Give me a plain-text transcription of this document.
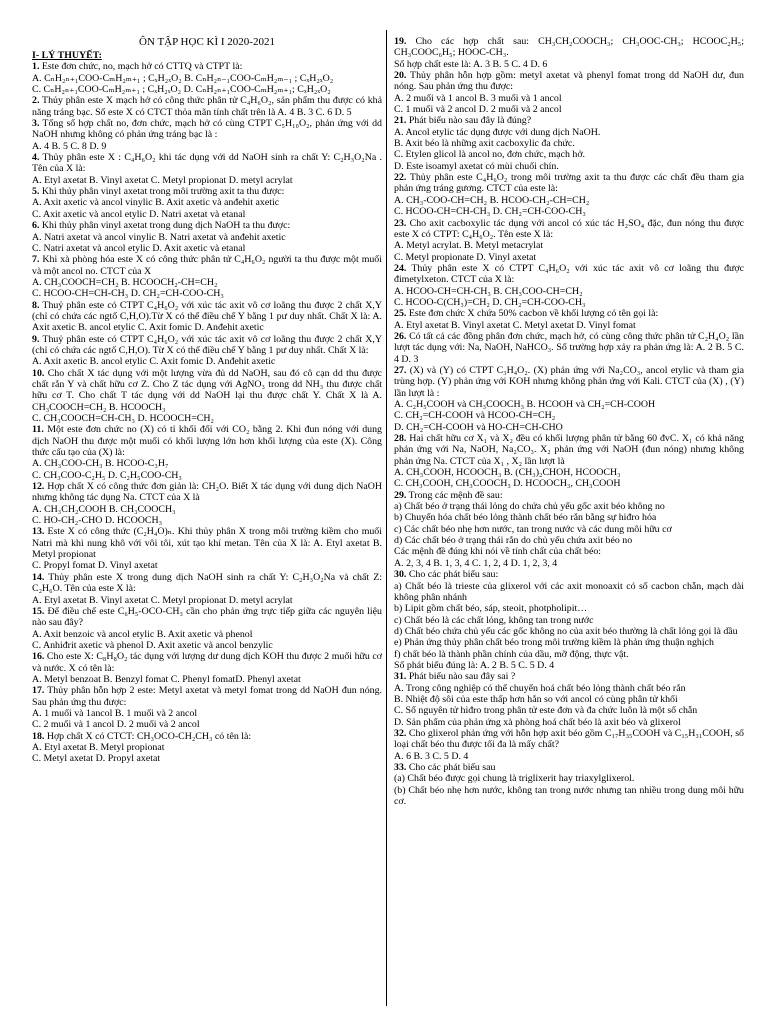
ÔN TẬP HỌC KÌ I 2020-2021

I- LÝ THUYẾT:

1. Este đơn chức, no, mạch hở có CTTQ và CTPT là:

A. CₙH₂ₙ₊₁COO-CₘH₂ₘ₊₁ ; CₓH₂ₓO₂ B. CₙH₂ₙ₋₁COO-CₘH₂ₘ₋₁ ; CₓH₂ₓO₂

C. CₙH₂ₙ₊₁COO-CₘH₂ₘ₊₁ ; CₓH₂ₓO₂ D. CₙH₂ₙ₊₁COO-CₘH₂ₘ₊₁; CₓH₂ₓO₂

2. Thủy phân este X mạch hở có công thức phân tử C₄H₆O₂, sản phẩm thu được có khả năng tráng bạc. Số este X có CTCT thỏa mãn tính chất trên là A. 4 B. 3 C. 6 D. 5

3. Tổng số hợp chất no, đơn chức, mạch hở có cùng CTPT C₅H₁₀O₂, phản ứng với dd NaOH nhưng không có phản ứng tráng bạc là :

A. 4 B. 5 C. 8 D. 9

4. Thủy phân este X : C₄H₆O₂ khi tác dụng với dd NaOH sinh ra chất Y: C₂H₃O₂Na . Tên của X là:

A. Etyl axetat B. Vinyl axetat C. Metyl propionat D. metyl acrylat

5. Khi thủy phân vinyl axetat trong môi trường axit ta thu được:

A. Axit axetic và ancol vinylic B. Axit axetic và anđehit axetic

C. Axit axetic và ancol etylic D. Natri axetat và etanal

6. Khi thủy phân vinyl axetat trong dung dịch NaOH ta thu được:

A. Natri axetat và ancol vinylic B. Natri axetat và anđehit axetic

C. Natri axetat và ancol etylic D. Axit axetic và etanal

7. Khi xà phòng hóa este X có công thức phân tử C₄H₆O₂ người ta thu được một muối và một ancol no. CTCT của X

A. CH₃COOCH=CH₂ B. HCOOCH₂-CH=CH₂

C. HCOO-CH=CH-CH₃ D. CH₂=CH-COO-CH₃

8. Thuỷ phân este có CTPT C₄H₆O₂ với xúc tác axit vô cơ loãng thu được 2 chất X,Y (chỉ có chứa các ngtố C,H,O).Từ X có thể điều chế Y bằng 1 pư duy nhất. Chất X là: A. Axit axetic B. ancol etylic C. Axit fomic D. Anđehit axetic

9. Thuỷ phân este có CTPT C₄H₆O₂ với xúc tác axit vô cơ loãng thu được 2 chất X,Y (chỉ có chứa các ngtố C,H,O). Từ X có thể điều chế Y bằng 1 pư duy nhất. Chất X là:

A. Axit axetic B. ancol etylic C. Axit fomic D. Anđehit axetic

10. Cho chất X tác dụng với một lượng vừa đủ dd NaOH, sau đó cô cạn dd thu được chất rắn Y và chất hữu cơ Z. Cho Z tác dụng với AgNO₃ trong dd NH₃ thu được chất hữu cơ T. Cho chất T tác dụng với dd NaOH lại thu được chất Y. Chất X là A. CH₃COOCH=CH₂ B. HCOOCH₃

C. CH₃COOCH=CH-CH₃ D. HCOOCH=CH₂

11. Một este đơn chức no (X) có tỉ khối đối với CO₂ bằng 2. Khi đun nóng với dung dịch NaOH thu được một muối có khối lượng lớn hơn khối lượng của este (X). Công thức cấu tạo của (X) là:

A. CH₃COO-CH₃ B. HCOO-C₃H₇

C. CH₃COO-C₂H₅ D. C₂H₅COO-CH₃

12. Hợp chất X có công thức đơn giản là: CH₂O. Biết X tác dụng với dung dịch NaOH nhưng không tác dụng Na. CTCT của X là

A. CH₃CH₂COOH B. CH₃COOCH₃

C. HO-CH₂-CHO D. HCOOCH₃

13. Este X có công thức (C₂H₄O)ₙ. Khi thủy phân X trong môi trường kiềm cho muối Natri mà khi nung khô với vôi tôi, xút tạo khí metan. Tên của X là: A. Etyl axetat B. Metyl propionat

C. Propyl fomat D. Vinyl axetat

14. Thủy phân este X trong dung dịch NaOH sinh ra chất Y: C₂H₃O₂Na và chất Z: C₂H₆O. Tên của este X là:

A. Etyl axetat B. Vinyl axetat C. Metyl propionat D. metyl acrylat

15. Để điều chế este C₆H₅-OCO-CH₃ cần cho phản ứng trực tiếp giữa các nguyên liệu nào sau đây?

A. Axit benzoic và ancol etylic B. Axit axetic và phenol

C. Anhiđrit axetic và phenol D. Axit axetic và ancol benzylic

16. Cho este X: C₈H₈O₂ tác dụng với lượng dư dung dịch KOH thu được 2 muối hữu cơ và nước. X có tên là:

A. Metyl benzoat B. Benzyl fomat C. Phenyl fomatD. Phenyl axetat

17. Thủy phân hỗn hợp 2 este: Metyl axetat và metyl fomat trong dd NaOH đun nóng. Sau phản ứng thu được:

A. 1 muối và 1ancol B. 1 muối và 2 ancol

C. 2 muối và 1 ancol D. 2 muối và 2 ancol

18. Hợp chất X có CTCT: CH₃OCO-CH₂CH₃ có tên là:

A. Etyl axetat B. Metyl propionat

C. Metyl axetat D. Propyl axetat

19. Cho các hợp chất sau: CH₃CH₂COOCH₃; CH₃OOC-CH₃; HCOOC₂H₅; CH₃COOC₆H₅; HOOC-CH₃.

Số hợp chất este là: A. 3 B. 5 C. 4 D. 6

20. Thủy phân hỗn hợp gồm: metyl axetat và phenyl fomat trong dd NaOH dư, đun nóng. Sau phản ứng thu được:

A. 2 muối và 1 ancol B. 3 muối và 1 ancol

C. 1 muối và 2 ancol D. 2 muối và 2 ancol

21. Phát biểu nào sau đây là đúng?

A. Ancol etylic tác dụng được với dung dịch NaOH.

B. Axit béo là những axit cacboxylic đa chức.

C. Etylen glicol là ancol no, đơn chức, mạch hở.

D. Este isoamyl axetat có mùi chuối chín.

22. Thủy phân este C₄H₆O₂ trong môi trường axit ta thu được các chất đều tham gia phản ứng tráng gương. CTCT của este là:

A. CH₃-COO-CH=CH₂ B. HCOO-CH₂-CH=CH₂

C. HCOO-CH=CH-CH₃ D. CH₂=CH-COO-CH₃

23. Cho axit cacboxylic tác dụng với ancol có xúc tác H₂SO₄ đặc, đun nóng thu được este X có CTPT: C₄H₆O₂. Tên este X là:

A. Metyl acrylat. B. Metyl metacrylat

C. Metyl propionate D. Vinyl axetat

24. Thủy phân este X có CTPT C₄H₆O₂ với xúc tác axit vô cơ loãng thu được đimetylxeton. CTCT của X là:

A. HCOO-CH=CH-CH₃ B. CH₃COO-CH=CH₂

C. HCOO-C(CH₃)=CH₂ D. CH₂=CH-COO-CH₃

25. Este đơn chức X chứa 50% cacbon về khối lượng có tên gọi là:

A. Etyl axetat B. Vinyl axetat C. Metyl axetat D. Vinyl fomat

26. Có tất cả các đồng phân đơn chức, mạch hở, có cùng công thức phân tử C₂H₄O₂ lần lượt tác dụng với: Na, NaOH, NaHCO₃. Số trường hợp xảy ra phản ứng là: A. 2 B. 5 C. 4 D. 3

27. (X) và (Y) có CTPT C₃H₄O₂. (X) phản ứng với Na₂CO₃, ancol etylic và tham gia trùng hợp. (Y) phản ứng với KOH nhưng không phản ứng với Kali. CTCT của (X) , (Y) lần lượt là :

A. C₂H₅COOH và CH₃COOCH₃ B. HCOOH và CH₂=CH-COOH

C. CH₂=CH-COOH và HCOO-CH=CH₂

D. CH₂=CH-COOH và HO-CH=CH-CHO

28. Hai chất hữu cơ X₁ và X₂ đều có khối lượng phân tử bằng 60 đvC. X₁ có khả năng phản ứng với Na, NaOH, Na₂CO₃. X₂ phản ứng với NaOH (đun nóng) nhưng không phản ứng Na. CTCT của X₁ , X₂ lần lượt là

A. CH₃COOH, HCOOCH₃ B. (CH₃)₂CHOH, HCOOCH₃

C. CH₃COOH, CH₃COOCH₃ D. HCOOCH₃, CH₃COOH

29. Trong các mệnh đề sau:

a) Chất béo ở trạng thái lỏng do chứa chủ yếu gốc axit béo không no

b) Chuyển hóa chất béo lỏng thành chất béo rắn bằng sự hiđro hóa

c) Các chất béo nhẹ hơn nước, tan trong nước và các dung môi hữu cơ

d) Các chất béo ở trạng thái rắn do chủ yếu chứa axit béo no

Các mệnh đề đúng khi nói về tính chất của chất béo:

A. 2, 3, 4 B. 1, 3, 4 C. 1, 2, 4 D. 1, 2, 3, 4

30. Cho các phát biểu sau:

a) Chất béo là trieste của glixerol với các axit monoaxit có số cacbon chẵn, mạch dài không phân nhánh

b) Lipit gồm chất béo, sáp, steoit, photpholipit…

c) Chất béo là các chất lỏng, không tan trong nước

d) Chất béo chứa chủ yếu các gốc không no của axit béo thường là chất lỏng gọi là dầu

e) Phản ứng thủy phân chất béo trong môi trường kiềm là phản ứng thuận nghịch

f) chất béo là thành phần chính của dầu, mỡ động, thực vật.

Số phát biểu đúng là: A. 2 B. 5 C. 5 D. 4

31. Phát biểu nào sau đây sai ?

A. Trong công nghiệp có thể chuyển hoá chất béo lỏng thành chất béo rắn

B. Nhiệt độ sôi của este thấp hơn hẳn so với ancol có cùng phân tử khối

C. Số nguyên tử hiđro trong phân tử este đơn và đa chức luôn là một số chẵn

D. Sản phẩm của phản ứng xà phòng hoá chất béo là axit béo và glixerol

32. Cho glixerol phản ứng với hỗn hợp axit béo gồm C₁₇H₃₅COOH và C₁₅H₃₁COOH, số loại chất béo thu được tối đa là mấy chất?

A. 6 B. 3 C. 5 D. 4

33. Cho các phát biểu sau

(a) Chất béo được gọi chung là triglixerit hay triaxylglixerol.

(b) Chất béo nhẹ hơn nước, không tan trong nước nhưng tan nhiều trong dung môi hữu cơ.
